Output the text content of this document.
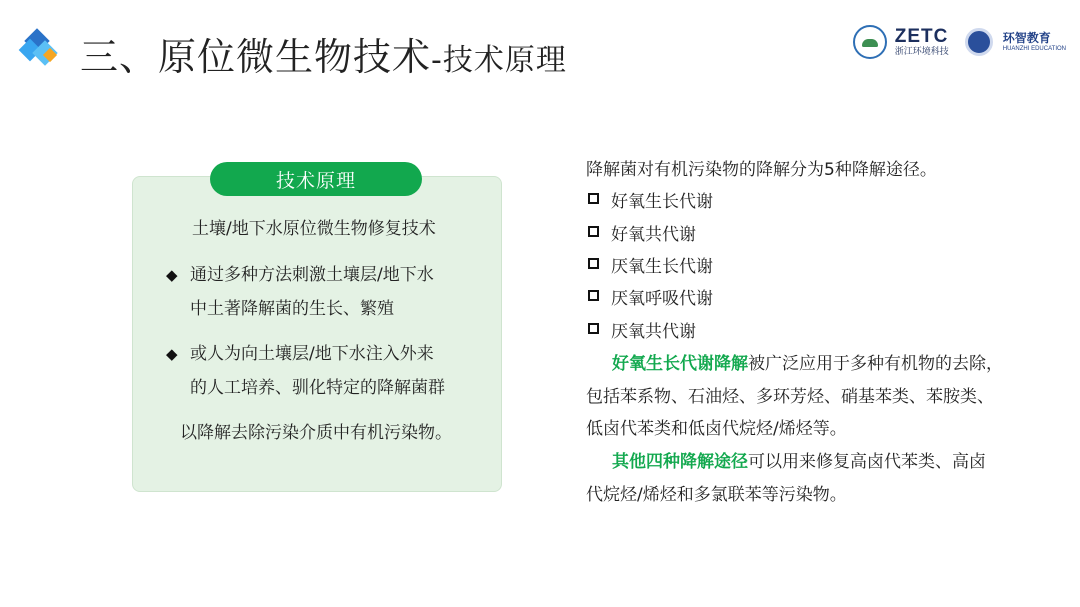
三、原位微生物技术-技术原理
ZETC
浙江环境科技
环智教育
HUANZHI EDUCATION
技术原理
土壤/地下水原位微生物修复技术
◆ 通过多种方法刺激土壤层/地下水
中土著降解菌的生长、繁殖
◆ 或人为向土壤层/地下水注入外来
的人工培养、驯化特定的降解菌群
以降解去除污染介质中有机污染物。
降解菌对有机污染物的降解分为5种降解途径。
好氧生长代谢
好氧共代谢
厌氧生长代谢
厌氧呼吸代谢
厌氧共代谢
好氧生长代谢降解被广泛应用于多种有机物的去除，
包括苯系物、石油烃、多环芳烃、硝基苯类、苯胺类、
低卤代苯类和低卤代烷烃/烯烃等。
其他四种降解途径可以用来修复高卤代苯类、高卤
代烷烃/烯烃和多氯联苯等污染物。
